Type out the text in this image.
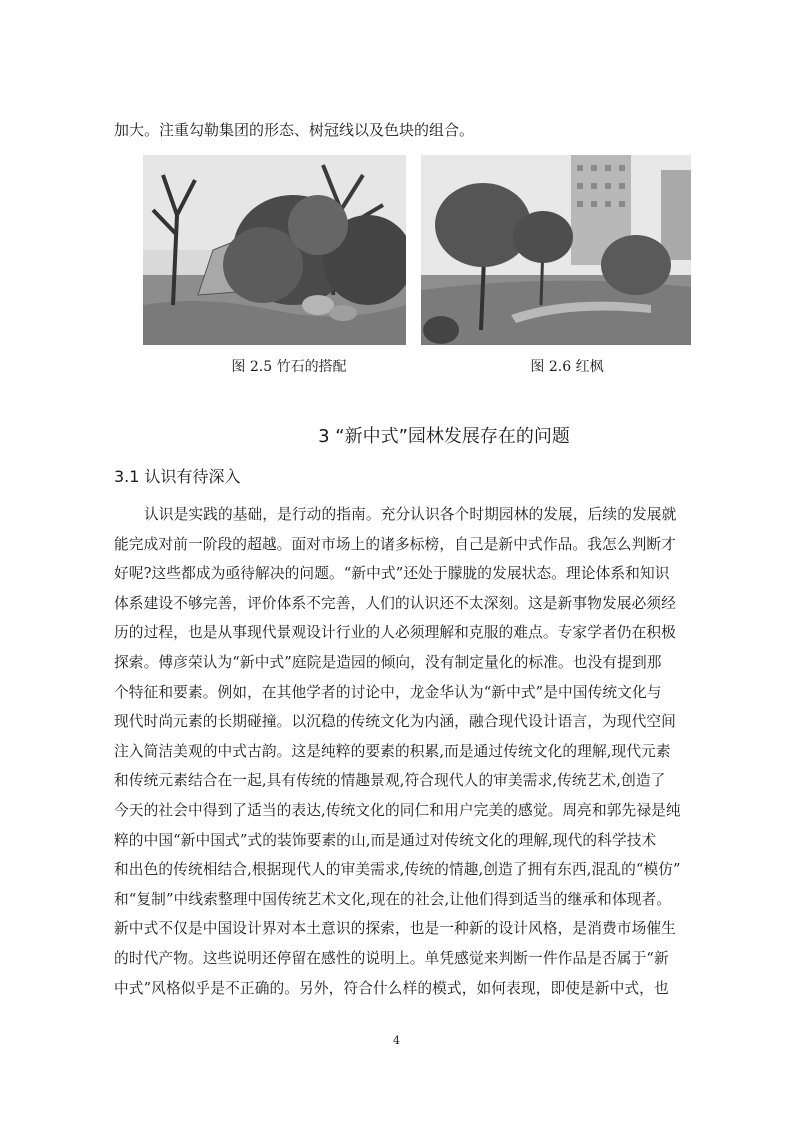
加大。注重勾勒集团的形态、树冠线以及色块的组合。
图 2.5 竹石的搭配	图 2.6 红枫
3 “新中式”园林发展存在的问题
3.1 认识有待深入
认识是实践的基础，是行动的指南。充分认识各个时期园林的发展，后续的发展就
能完成对前一阶段的超越。面对市场上的诸多标榜，自己是新中式作品。我怎么判断才
好呢?这些都成为亟待解决的问题。“新中式”还处于朦胧的发展状态。理论体系和知识
体系建设不够完善，评价体系不完善，人们的认识还不太深刻。这是新事物发展必须经
历的过程，也是从事现代景观设计行业的人必须理解和克服的难点。专家学者仍在积极
探索。傅彦荣认为“新中式”庭院是造园的倾向，没有制定量化的标准。也没有提到那
个特征和要素。例如，在其他学者的讨论中，龙金华认为“新中式”是中国传统文化与
现代时尚元素的长期碰撞。以沉稳的传统文化为内涵，融合现代设计语言，为现代空间
注入简洁美观的中式古韵。这是纯粹的要素的积累,而是通过传统文化的理解,现代元素
和传统元素结合在一起,具有传统的情趣景观,符合现代人的审美需求,传统艺术,创造了
今天的社会中得到了适当的表达,传统文化的同仁和用户完美的感觉。周亮和郭先禄是纯
粹的中国“新中国式”式的装饰要素的山,而是通过对传统文化的理解,现代的科学技术
和出色的传统相结合,根据现代人的审美需求,传统的情趣,创造了拥有东西,混乱的“模仿”
和“复制”中线索整理中国传统艺术文化,现在的社会,让他们得到适当的继承和体现者。
新中式不仅是中国设计界对本土意识的探索，也是一种新的设计风格，是消费市场催生
的时代产物。这些说明还停留在感性的说明上。单凭感觉来判断一件作品是否属于“新
中式”风格似乎是不正确的。另外，符合什么样的模式，如何表现，即使是新中式，也
4
